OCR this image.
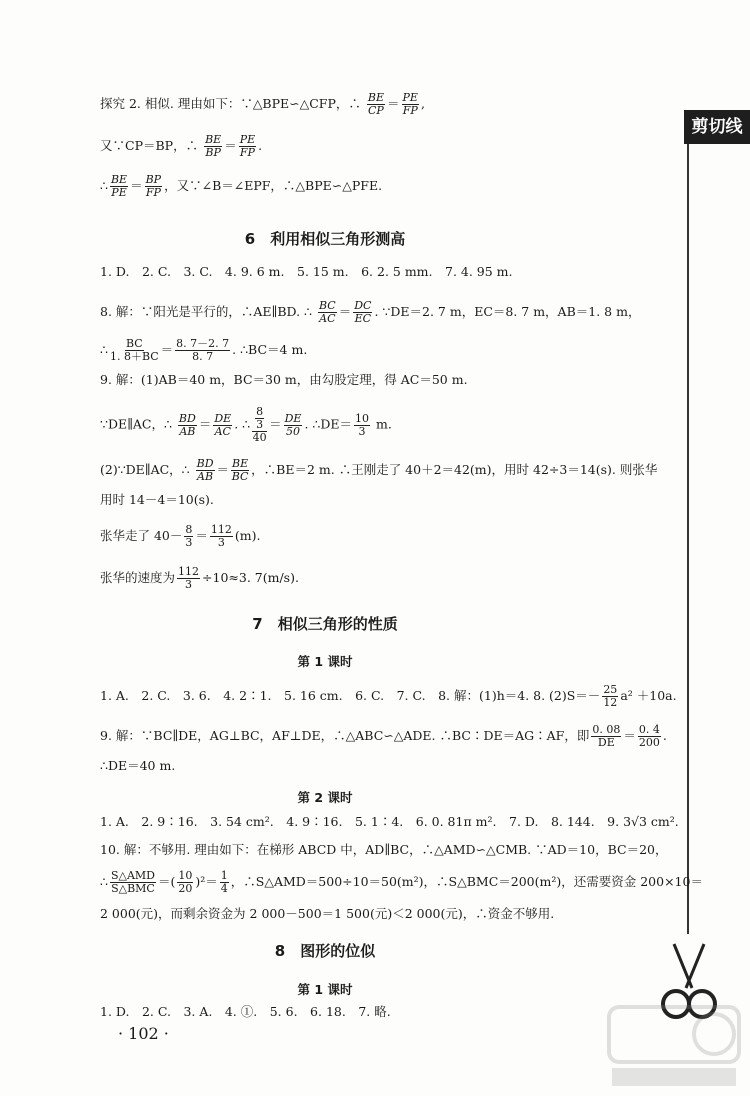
剪切线
探究 2. 相似. 理由如下：∵△BPE∽△CFP，∴ $\frac{BE}{CP} = \frac{PE}{FP}$ ,
又∵CP＝BP，∴ $\frac{BE}{BP} = \frac{PE}{FP}$ .
∴ $\frac{BE}{PE} = \frac{BP}{FP}$ ，又∵∠B＝∠EPF，∴△BPE∽△PFE.
6　利用相似三角形测高
1. D.　2. C.　3. C.　4. 9. 6 m.　5. 15 m.　6. 2. 5 mm.　7. 4. 95 m.
8. 解：∵阳光是平行的，∴AE∥BD. ∴ $\frac{BC}{AC} = \frac{DC}{EC}$ . ∵DE＝2. 7 m，EC＝8. 7 m，AB＝1. 8 m，
∴ $\frac{BC}{1. 8+BC} = \frac{8. 7-2. 7}{8. 7}$ . ∴BC＝4 m.
9. 解：(1)AB＝40 m，BC＝30 m，由勾股定理，得 AC＝50 m.
∵DE∥AC，∴ $\frac{BD}{AB} = \frac{DE}{AC}$ . ∴ $\frac{\frac{8}{3}}{40} = \frac{DE}{50}$ . ∴DE＝ $\frac{10}{3} m$.
(2)∵DE∥AC，∴ $\frac{BD}{AB} = \frac{BE}{BC}$ ，∴BE＝2 m. ∴王刚走了 40＋2＝42(m)，用时 42÷3＝14(s). 则张华
用时 14－4＝10(s).
张华走了 $40- \frac{8}{3} = \frac{112}{3} (m)$.
张华的速度为 $\frac{112}{3} \div 10\approx 3$. 7(m/s).
7　相似三角形的性质
第 1 课时
1. A.　2. C.　3. 6.　4. 2∶1.　5. 16 cm.　6. C.　7. C.　8. 解：(1)h＝4. 8. $(2)S=- \frac{25}{12} a^2 +10a$.
9. 解：∵BC∥DE，AG⊥BC，AF⊥DE，∴△ABC∽△ADE. ∴BC∶DE＝AG∶AF，即 $\frac{0. 08}{DE} = \frac{0. 4}{200}$ .
∴DE＝40 m.
第 2 课时
1. A.　2. 9∶16.　3. 54 cm².　4. 9∶16.　5. 1∶4.　6. 0. 81π m².　7. D.　8. 144.　9. 3√3 cm².
10. 解：不够用. 理由如下：在梯形 ABCD 中，AD∥BC，∴△AMD∽△CMB. ∵AD＝10，BC＝20，
∴ S△AMD
S△BMC ＝( $\frac{10}{20} )^2= \frac{1}{4}$ ，∴S△AMD＝500÷10＝50(m²)，∴S△BMC＝200(m²)，还需要资金 200×10＝
2 000(元)，而剩余资金为 2 000－500＝1 500(元)＜2 000(元)，∴资金不够用.
8　图形的位似
第 1 课时
1. D.　2. C.　3. A.　4. ①.　5. 6.　6. 18.　7. 略.
· 102 ·
